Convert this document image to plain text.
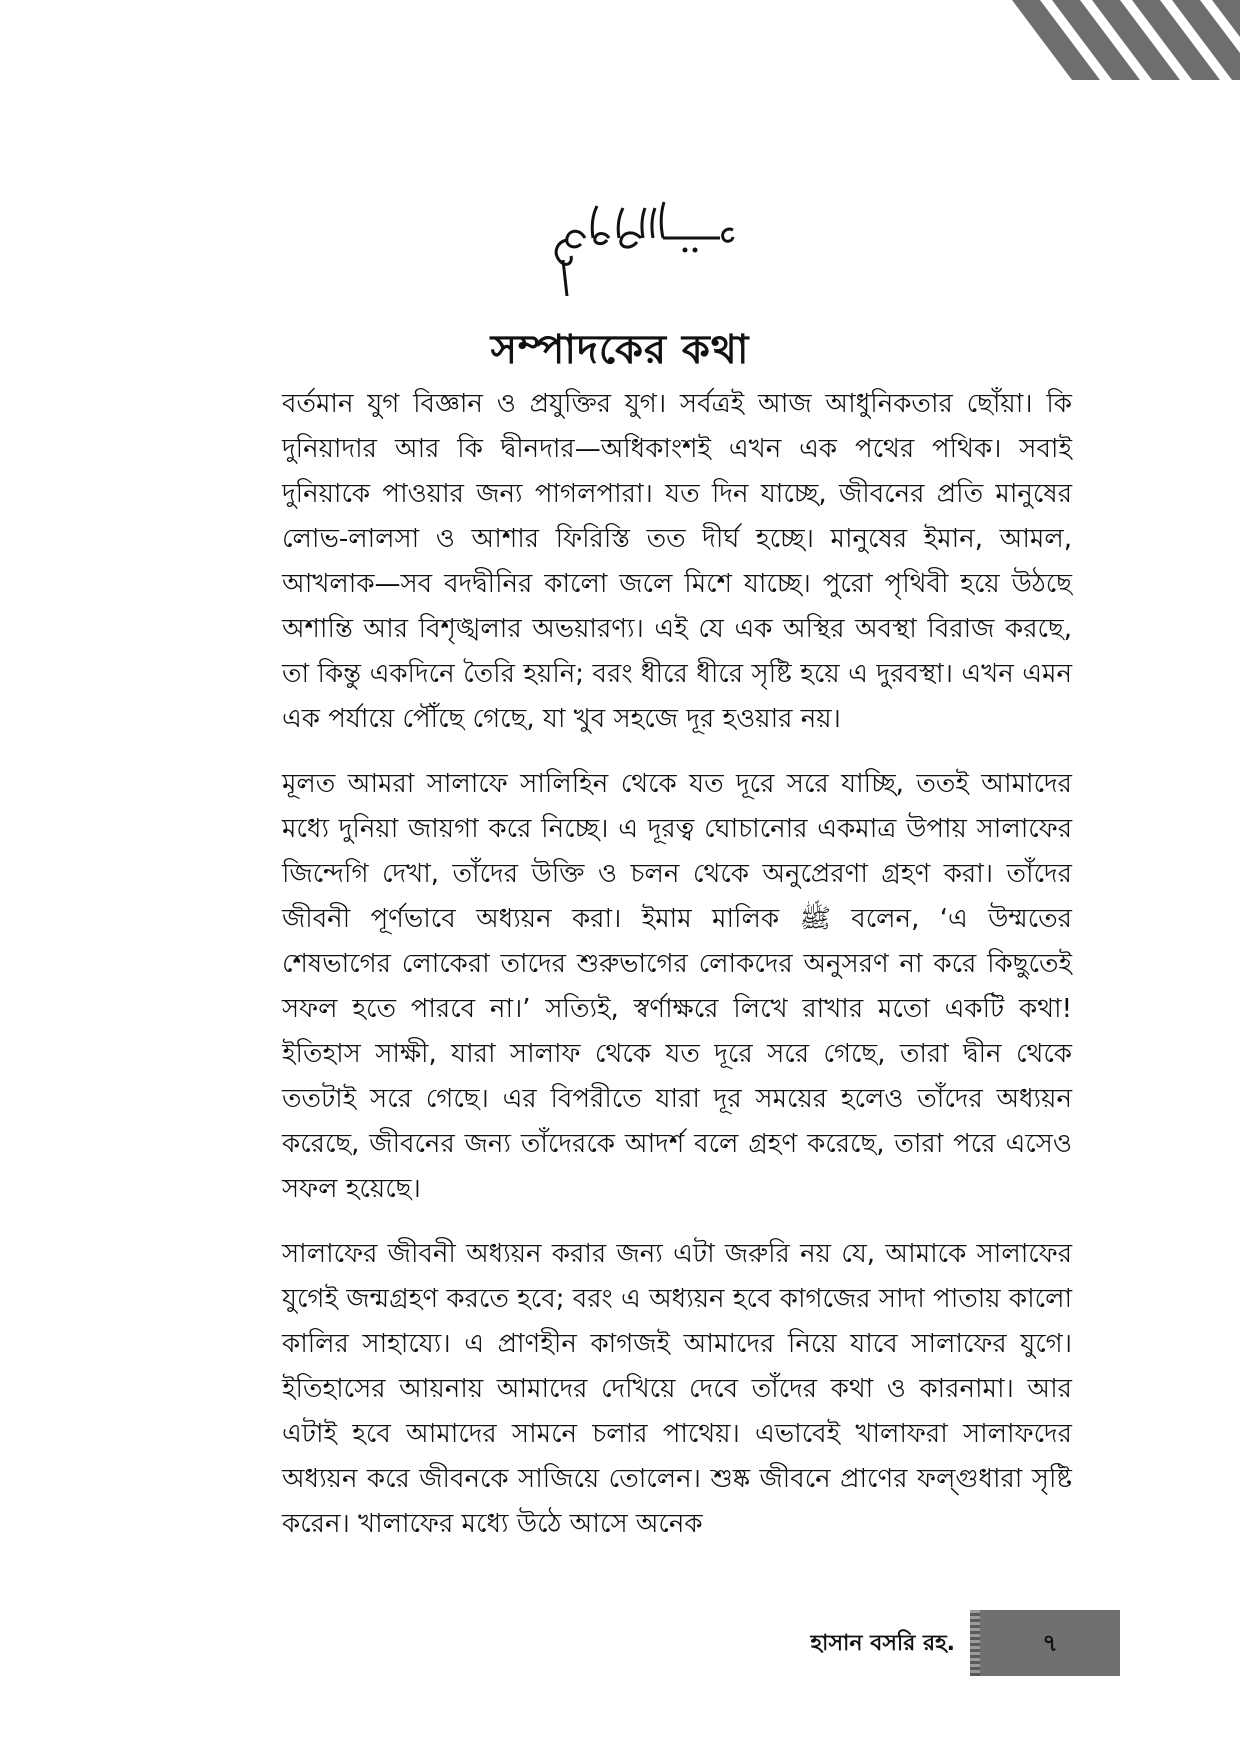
সম্পাদকের কথা

বর্তমান যুগ বিজ্ঞান ও প্রযুক্তির যুগ। সর্বত্রই আজ আধুনিকতার ছোঁয়া। কি দুনিয়াদার আর কি দ্বীনদার—অধিকাংশই এখন এক পথের পথিক। সবাই দুনিয়াকে পাওয়ার জন্য পাগলপারা। যত দিন যাচ্ছে, জীবনের প্রতি মানুষের লোভ-লালসা ও আশার ফিরিস্তি তত দীর্ঘ হচ্ছে। মানুষের ইমান, আমল, আখলাক—সব বদদ্বীনির কালো জলে মিশে যাচ্ছে। পুরো পৃথিবী হয়ে উঠছে অশান্তি আর বিশৃঙ্খলার অভয়ারণ্য। এই যে এক অস্থির অবস্থা বিরাজ করছে, তা কিন্তু একদিনে তৈরি হয়নি; বরং ধীরে ধীরে সৃষ্টি হয়ে এ দুরবস্থা। এখন এমন এক পর্যায়ে পৌঁছে গেছে, যা খুব সহজে দূর হওয়ার নয়।

মূলত আমরা সালাফে সালিহিন থেকে যত দূরে সরে যাচ্ছি, ততই আমাদের মধ্যে দুনিয়া জায়গা করে নিচ্ছে। এ দূরত্ব ঘোচানোর একমাত্র উপায় সালাফের জিন্দেগি দেখা, তাঁদের উক্তি ও চলন থেকে অনুপ্রেরণা গ্রহণ করা। তাঁদের জীবনী পূর্ণভাবে অধ্যয়ন করা। ইমাম মালিক ﷺ বলেন, ‘এ উম্মতের শেষভাগের লোকেরা তাদের শুরুভাগের লোকদের অনুসরণ না করে কিছুতেই সফল হতে পারবে না।’ সত্যিই, স্বর্ণাক্ষরে লিখে রাখার মতো একটি কথা! ইতিহাস সাক্ষী, যারা সালাফ থেকে যত দূরে সরে গেছে, তারা দ্বীন থেকে ততটাই সরে গেছে। এর বিপরীতে যারা দূর সময়ের হলেও তাঁদের অধ্যয়ন করেছে, জীবনের জন্য তাঁদেরকে আদর্শ বলে গ্রহণ করেছে, তারা পরে এসেও সফল হয়েছে।

সালাফের জীবনী অধ্যয়ন করার জন্য এটা জরুরি নয় যে, আমাকে সালাফের যুগেই জন্মগ্রহণ করতে হবে; বরং এ অধ্যয়ন হবে কাগজের সাদা পাতায় কালো কালির সাহায্যে। এ প্রাণহীন কাগজই আমাদের নিয়ে যাবে সালাফের যুগে। ইতিহাসের আয়নায় আমাদের দেখিয়ে দেবে তাঁদের কথা ও কারনামা। আর এটাই হবে আমাদের সামনে চলার পাথেয়। এভাবেই খালাফরা সালাফদের অধ্যয়ন করে জীবনকে সাজিয়ে তোলেন। শুষ্ক জীবনে প্রাণের ফল্গুধারা সৃষ্টি করেন। খালাফের মধ্যে উঠে আসে অনেক

হাসান বসরি রহ.	৭
